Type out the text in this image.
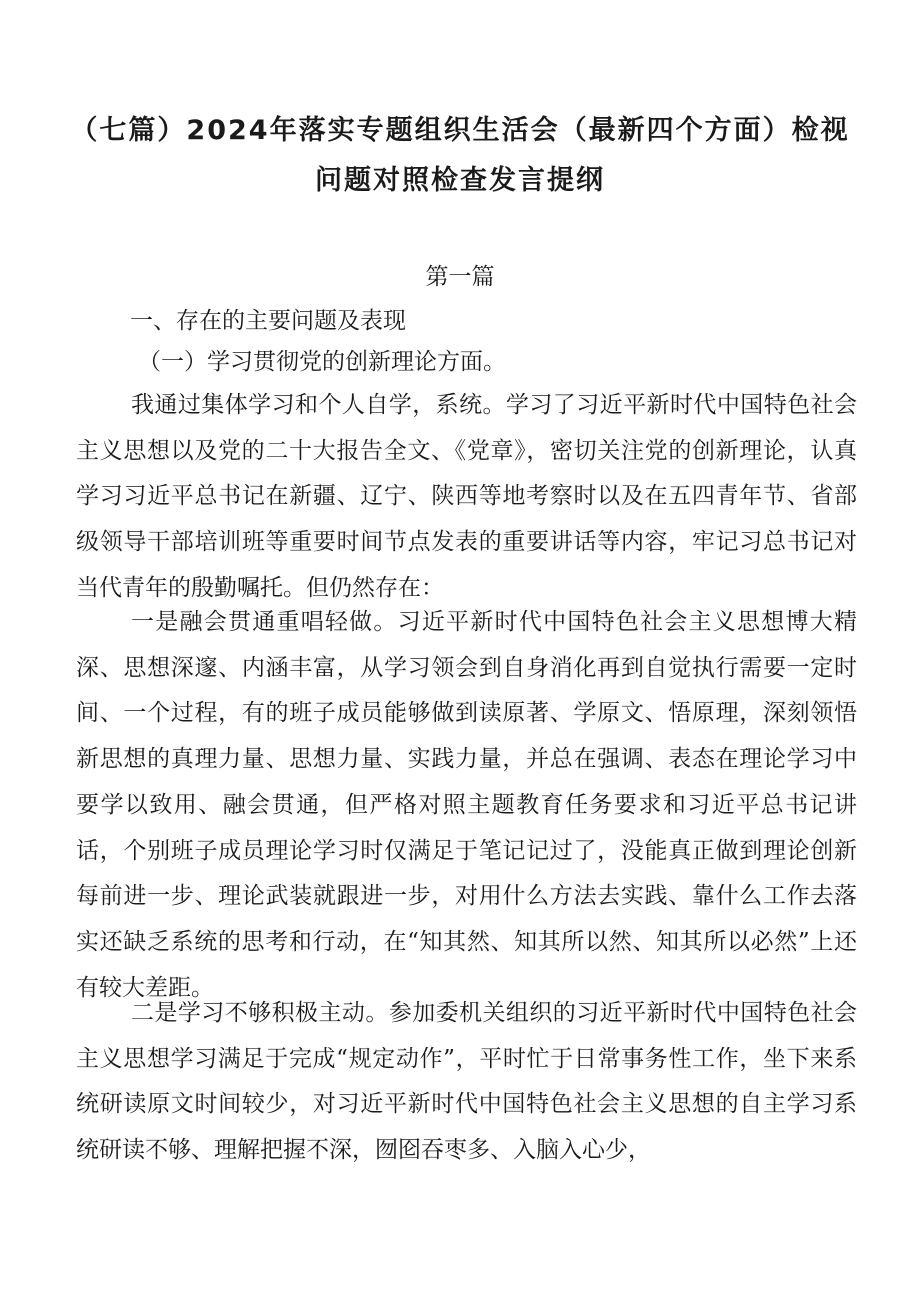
（七篇）2024年落实专题组织生活会（最新四个方面）检视问题对照检查发言提纲
第一篇
一、存在的主要问题及表现
（一）学习贯彻党的创新理论方面。

我通过集体学习和个人自学，系统。学习了习近平新时代中国特色社会主义思想以及党的二十大报告全文、《党章》，密切关注党的创新理论，认真学习习近平总书记在新疆、辽宁、陕西等地考察时以及在五四青年节、省部级领导干部培训班等重要时间节点发表的重要讲话等内容，牢记习总书记对当代青年的殷勤嘱托。但仍然存在：

一是融会贯通重唱轻做。习近平新时代中国特色社会主义思想博大精深、思想深邃、内涵丰富，从学习领会到自身消化再到自觉执行需要一定时间、一个过程，有的班子成员能够做到读原著、学原文、悟原理，深刻领悟新思想的真理力量、思想力量、实践力量，并总在强调、表态在理论学习中要学以致用、融会贯通，但严格对照主题教育任务要求和习近平总书记讲话，个别班子成员理论学习时仅满足于笔记记过了，没能真正做到理论创新每前进一步、理论武装就跟进一步，对用什么方法去实践、靠什么工作去落实还缺乏系统的思考和行动，在“知其然、知其所以然、知其所以必然”上还有较大差距。

二是学习不够积极主动。参加委机关组织的习近平新时代中国特色社会主义思想学习满足于完成“规定动作”，平时忙于日常事务性工作，坐下来系统研读原文时间较少，对习近平新时代中国特色社会主义思想的自主学习系统研读不够、理解把握不深，囫囵吞枣多、入脑入心少，
